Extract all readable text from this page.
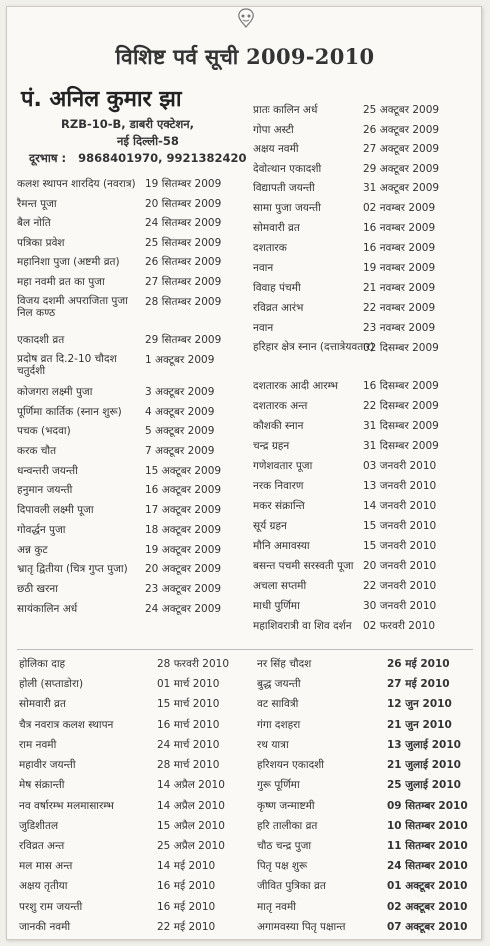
विशिष्ट पर्व सूची 2009-2010
पं. अनिल कुमार झा
RZB-10-B, डाबरी एक्टेशन,
नई दिल्ली-58
दूरभाष : 9868401970, 9921382420
कलश स्थापन शारदिय (नवरात्र) 19 सितम्बर 2009
रैमन्त पूजा	20 सितम्बर 2009
बैल नोति	24 सितम्बर 2009
पत्रिका प्रवेश	25 सितम्बर 2009
महानिशा पुजा (अष्टमी व्रत)	26 सितम्बर 2009
महा नवमी व्रत का पुजा	27 सितम्बर 2009
विजय दशमी अपराजिता पुजा निल कण्ठ
28 सितम्बर 2009
एकादशी व्रत	29 सितम्बर 2009
प्रदोष व्रत दि.2-10 चौदश चतुर्दशी
1 अक्टूबर 2009
कोजगरा लक्ष्मी पुजा	3 अक्टूबर 2009
पूर्णिमा कार्तिक (स्नान शुरू)	4 अक्टूबर 2009
पचक (भदवा)	5 अक्टूबर 2009
करक चौत	7 अक्टूबर 2009
धन्वन्तरी जयन्ती	15 अक्टूबर 2009
हनुमान जयन्ती	16 अक्टूबर 2009
दिपावली लक्ष्मी पूजा	17 अक्टूबर 2009
गोवर्द्धन पुजा	18 अक्टूबर 2009
अन्न कुट	19 अक्टूबर 2009
भ्रातृ द्वितीया (चित्र गुप्त पुजा)	20 अक्टूबर 2009
छठी खरना	23 अक्टूबर 2009
सायंकालिन अर्ध	24 अक्टूबर 2009
प्रातः कालिन अर्ध	25 अक्टूबर 2009
गोपा अस्टी	26 अक्टूबर 2009
अक्षय नवमी	27 अक्टूबर 2009
देवोत्थान एकादशी	29 अक्टूबर 2009
विद्यापती जयन्ती	31 अक्टूबर 2009
सामा पुजा जयन्ती	02 नवम्बर 2009
सोमवारी व्रत	16 नवम्बर 2009
दशतारक	16 नवम्बर 2009
नवान	19 नवम्बर 2009
विवाह पंचमी	21 नवम्बर 2009
रविव्रत आरंभ	22 नवम्बर 2009
नवान	23 नवम्बर 2009
हरिहार क्षेत्र स्नान (दत्तात्रेयवतार)
02 दिसम्बर 2009
दशतारक आदी आरम्भ	16 दिसम्बर 2009
दशतारक अन्त	22 दिसम्बर 2009
कौशकी स्नान	31 दिसम्बर 2009
चन्द्र ग्रहन	31 दिसम्बर 2009
गणेशवतार पूजा	03 जनवरी 2010
नरक निवारण	13 जनवरी 2010
मकर संक्रान्ति	14 जनवरी 2010
सूर्य ग्रहन	15 जनवरी 2010
मौनि अमावस्या	15 जनवरी 2010
बसन्त पचमी सरस्वती पूजा 20 जनवरी 2010
अचला सप्तमी	22 जनवरी 2010
माधी पुर्णिमा	30 जनवरी 2010
महाशिवरात्री वा शिव दर्शन	02 फरवरी 2010
होलिका दाह	28 फरवरी 2010
होली (सप्ताडोरा)	01 मार्च 2010
सोमवारी व्रत	15 मार्च 2010
चैत्र नवरात्र कलश स्थापन	16 मार्च 2010
राम नवमी	24 मार्च 2010
महावीर जयन्ती	28 मार्च 2010
मेष संक्रान्ती	14 अप्रैल 2010
नव वर्षारम्भ मलमासारम्भ	14 अप्रैल 2010
जुडिशीतल	15 अप्रैल 2010
रविव्रत अन्त	25 अप्रैल 2010
मल मास अन्त	14 मई 2010
अक्षय तृतीया	16 मई 2010
परशु राम जयन्ती	16 मई 2010
जानकी नवमी	22 मई 2010
नर सिंह चौदश	26 मई 2010
बुद्ध जयन्ती	27 मई 2010
वट सावित्री	12 जुन 2010
गंगा दशहरा	21 जुन 2010
रथ यात्रा	13 जुलाई 2010
हरिशयन एकादशी	21 जुलाई 2010
गुरू पूर्णिमा	25 जुलाई 2010
कृष्ण जन्माष्टमी	09 सितम्बर 2010
हरि तालीका व्रत	10 सितम्बर 2010
चौठ चन्द्र पुजा	11 सितम्बर 2010
पितृ पक्ष शुरू	24 सितम्बर 2010
जीवित पुत्रिका व्रत	01 अक्टूबर 2010
मातृ नवमी	02 अक्टूबर 2010
अगामवस्या पितृ पक्षान्त	07 अक्टूबर 2010
